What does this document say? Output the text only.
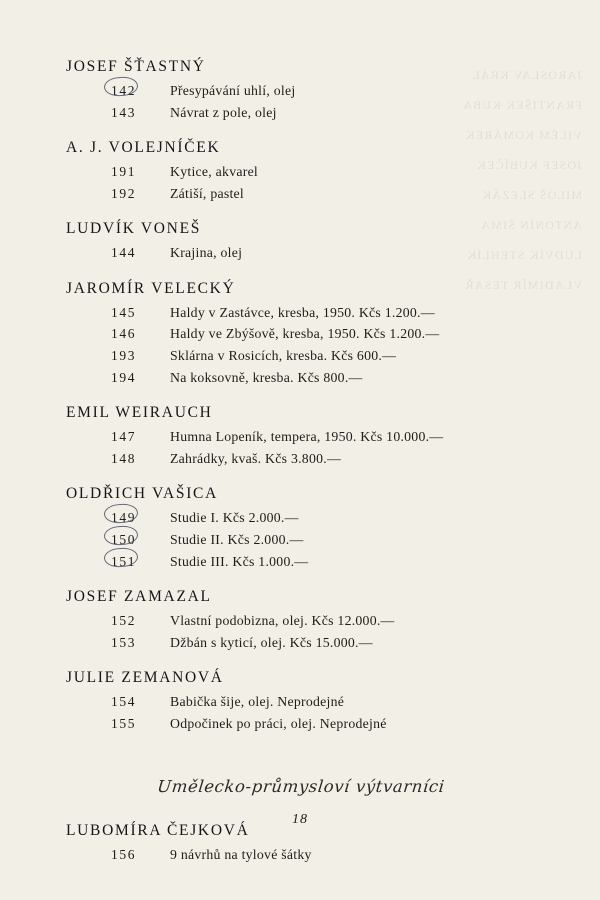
JAROSLAV KRÁL
FRANTIŠEK KUBA
VILÉM KOMÁREK
JOSEF KUBÍČEK
MILOŠ SLEZÁK
ANTONÍN ŠIMA
LUDVÍK STEHLÍK
VLADIMÍR TESAŘ
JOSEF ŠŤASTNÝ
142	Přesypávání uhlí, olej
143	Návrat z pole, olej
A. J. VOLEJNÍČEK
191	Kytice, akvarel
192	Zátiší, pastel
LUDVÍK VONEŠ
144	Krajina, olej
JAROMÍR VELECKÝ
145	Haldy v Zastávce, kresba, 1950. Kčs 1.200.—
146	Haldy ve Zbýšově, kresba, 1950. Kčs 1.200.—
193	Sklárna v Rosicích, kresba. Kčs 600.—
194	Na koksovně, kresba. Kčs 800.—
EMIL WEIRAUCH
147	Humna Lopeník, tempera, 1950. Kčs 10.000.—
148	Zahrádky, kvaš. Kčs 3.800.—
OLDŘICH VAŠICA
149	Studie I. Kčs 2.000.—
150	Studie II. Kčs 2.000.—
151	Studie III. Kčs 1.000.—
JOSEF ZAMAZAL
152	Vlastní podobizna, olej. Kčs 12.000.—
153	Džbán s kyticí, olej. Kčs 15.000.—
JULIE ZEMANOVÁ
154	Babička šije, olej. Neprodejné
155	Odpočinek po práci, olej. Neprodejné
Umělecko-průmysloví výtvarníci
LUBOMÍRA ČEJKOVÁ
156	9 návrhů na tylové šátky
18
